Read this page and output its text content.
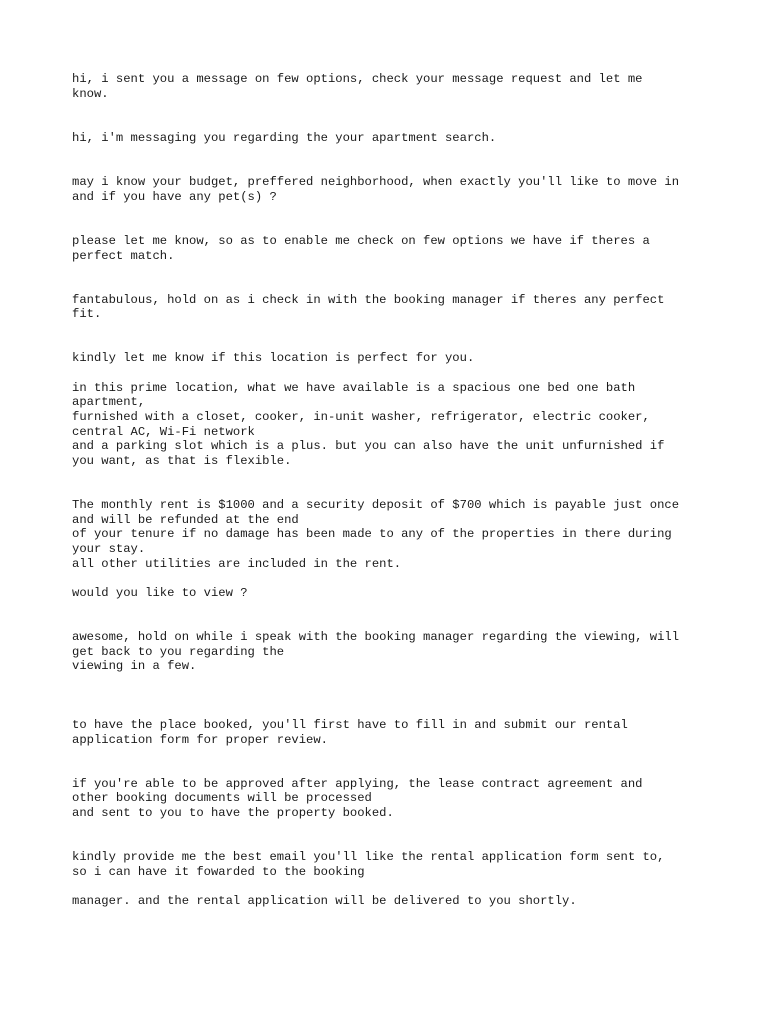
hi, i sent you a message on few options, check your message request and let me

know.

hi, i'm messaging you regarding the your apartment search.

may i know your budget, preffered neighborhood, when exactly you'll like to move in

and if you have any pet(s) ?

please let me know, so as to enable me check on few options we have if theres a

perfect match.

fantabulous, hold on as i check in with the booking manager if theres any perfect

fit.

kindly let me know if this location is perfect for you.

in this prime location, what we have available is a spacious one bed one bath

apartment,

furnished with a closet, cooker, in-unit washer, refrigerator, electric cooker,

central AC, Wi-Fi network

and a parking slot which is a plus. but you can also have the unit unfurnished if

you want, as that is flexible.

The monthly rent is $1000 and a security deposit of $700 which is payable just once

and will be refunded at the end

of your tenure if no damage has been made to any of the properties in there during

your stay.

all other utilities are included in the rent.

would you like to view ?

awesome, hold on while i speak with the booking manager regarding the viewing, will

get back to you regarding the

viewing in a few.

to have the place booked, you'll first have to fill in and submit our rental

application form for proper review.

if you're able to be approved after applying, the lease contract agreement and

other booking documents will be processed

and sent to you to have the property booked.

kindly provide me the best email you'll like the rental application form sent to,

so i can have it fowarded to the booking

manager. and the rental application will be delivered to you shortly.
